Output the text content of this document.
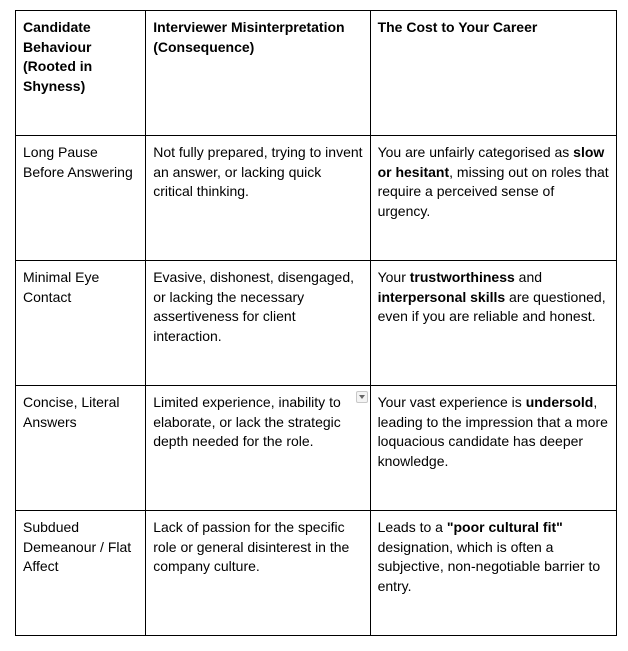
Candidate Behaviour (Rooted in Shyness)	Interviewer Misinterpretation (Consequence)	The Cost to Your Career
Long Pause Before Answering	Not fully prepared, trying to invent an answer, or lacking quick critical thinking.	You are unfairly categorised as slow or hesitant, missing out on roles that require a perceived sense of urgency.
Minimal Eye Contact	Evasive, dishonest, disengaged, or lacking the necessary assertiveness for client interaction.	Your trustworthiness and interpersonal skills are questioned, even if you are reliable and honest.
Concise, Literal Answers	Limited experience, inability to elaborate, or lack the strategic depth needed for the role.	Your vast experience is undersold, leading to the impression that a more loquacious candidate has deeper knowledge.
Subdued Demeanour / Flat Affect	Lack of passion for the specific role or general disinterest in the company culture.	Leads to a "poor cultural fit" designation, which is often a subjective, non-negotiable barrier to entry.
